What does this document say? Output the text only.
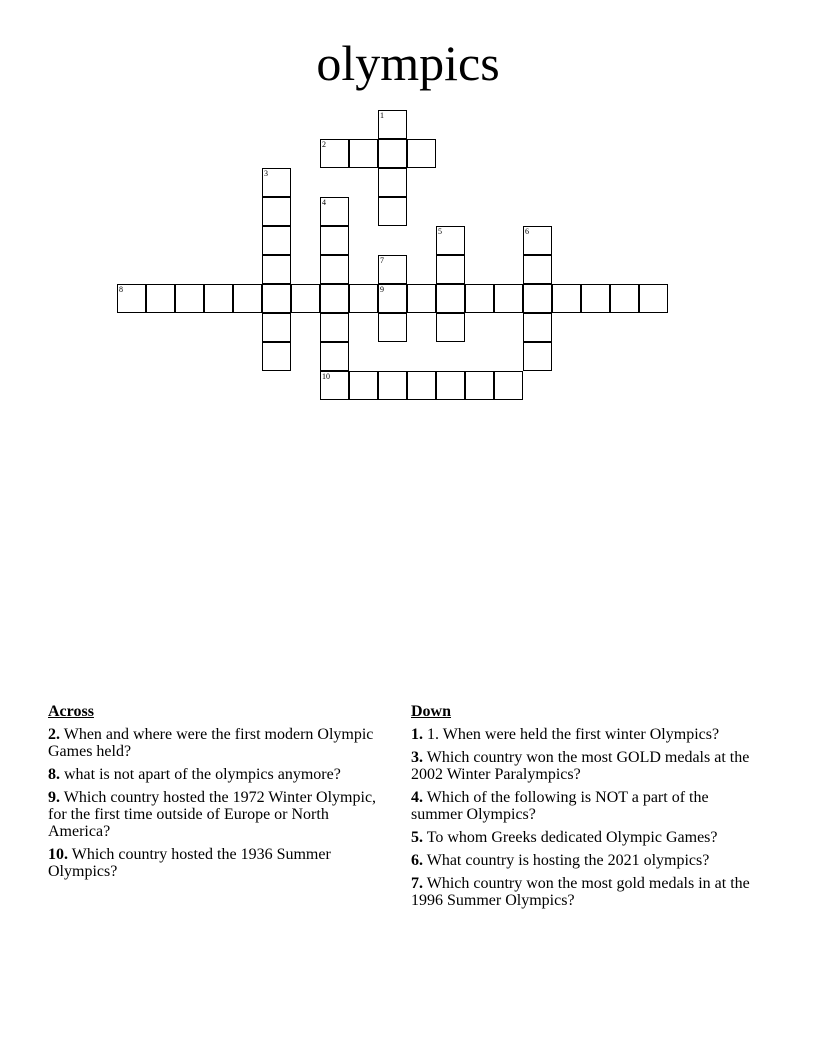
olympics
1
2
3
4
10
5	6
7
9
8
Across
2. When and where were the first modern Olympic Games held?
8. what is not apart of the olympics anymore?
9. Which country hosted the 1972 Winter Olympic, for the first time outside of Europe or North America?
10. Which country hosted the 1936 Summer Olympics?
Down
1. 1. When were held the first winter Olympics?
3. Which country won the most GOLD medals at the 2002 Winter Paralympics?
4. Which of the following is NOT a part of the summer Olympics?
5. To whom Greeks dedicated Olympic Games?
6. What country is hosting the 2021 olympics?
7. Which country won the most gold medals in at the 1996 Summer Olympics?
